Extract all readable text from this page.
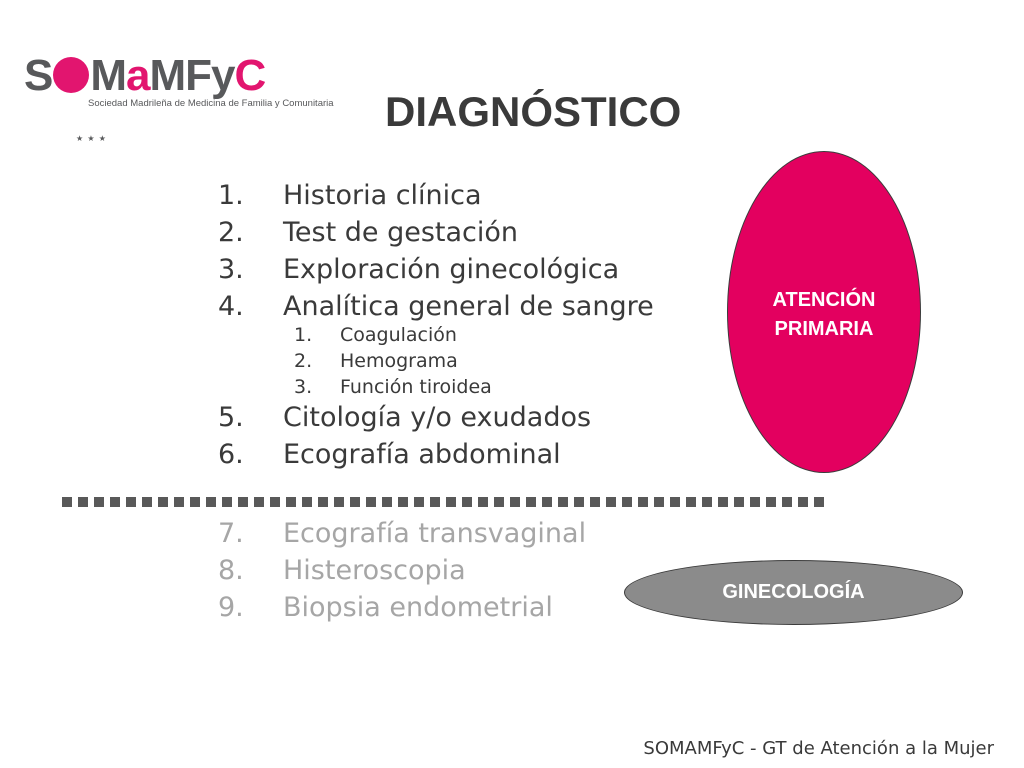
S MaMFyC
Sociedad Madrileña de Medicina de Familia y Comunitaria
★ ★ ★
DIAGNÓSTICO
1. Historia clínica
2. Test de gestación
3. Exploración ginecológica
4. Analítica general de sangre
1. Coagulación
2. Hemograma
3. Función tiroidea
5. Citología y/o exudados
6. Ecografía abdominal
7. Ecografía transvaginal
8. Histeroscopia
9. Biopsia endometrial
ATENCIÓN
PRIMARIA
GINECOLOGÍA
SOMAMFyC - GT de Atención a la Mujer
